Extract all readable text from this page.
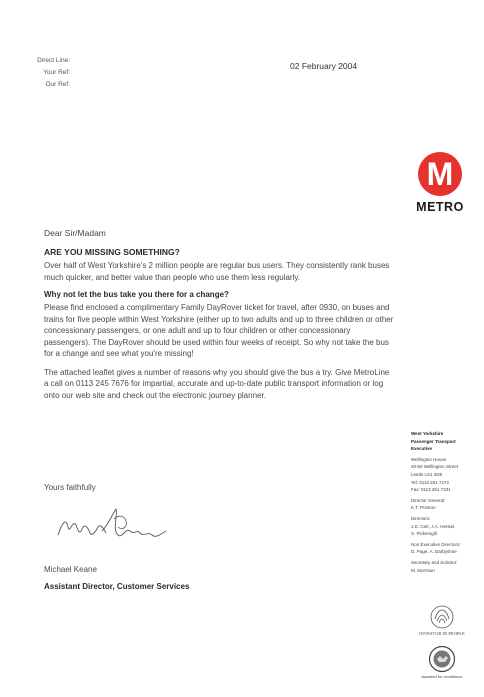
Direct Line:
Your Ref:
Our Ref:
02 February 2004
M
METRO

Dear Sir/Madam

ARE YOU MISSING SOMETHING?

Over half of West Yorkshire's 2 million people are regular bus users. They consistently rank buses much quicker, and better value than people who use them less regularly.

Why not let the bus take you there for a change?

Please find enclosed a complimentary Family DayRover ticket for travel, after 0930, on buses and trains for five people within West Yorkshire (either up to two adults and up to three children or other concessionary passengers, or one adult and up to four children or other concessionary passengers). The DayRover should be used within four weeks of receipt. So why not take the bus for a change and see what you're missing!

The attached leaflet gives a number of reasons why you should give the bus a try. Give MetroLine a call on 0113 245 7676 for impartial, accurate and up-to-date public transport information or log onto our web site and check out the electronic journey planner.

Yours faithfully
Michael Keane
Assistant Director, Customer Services
West Yorkshire
Passenger Transport
Executive
Wellington House
40-50 Wellington Street
Leeds LS1 2DE
Tel: 0113 251 7272
Fax: 0113 251 7331
Director General:
K.T. Preston
Directors:
J.D. Carr, J.A. Henkel,
S. Pickersgill
Non Executive Directors:
D. Page, A. Darbyshire
Secretary and Solicitor:
M. Morrison
INVESTOR IN PEOPLE
awarded for excellence
